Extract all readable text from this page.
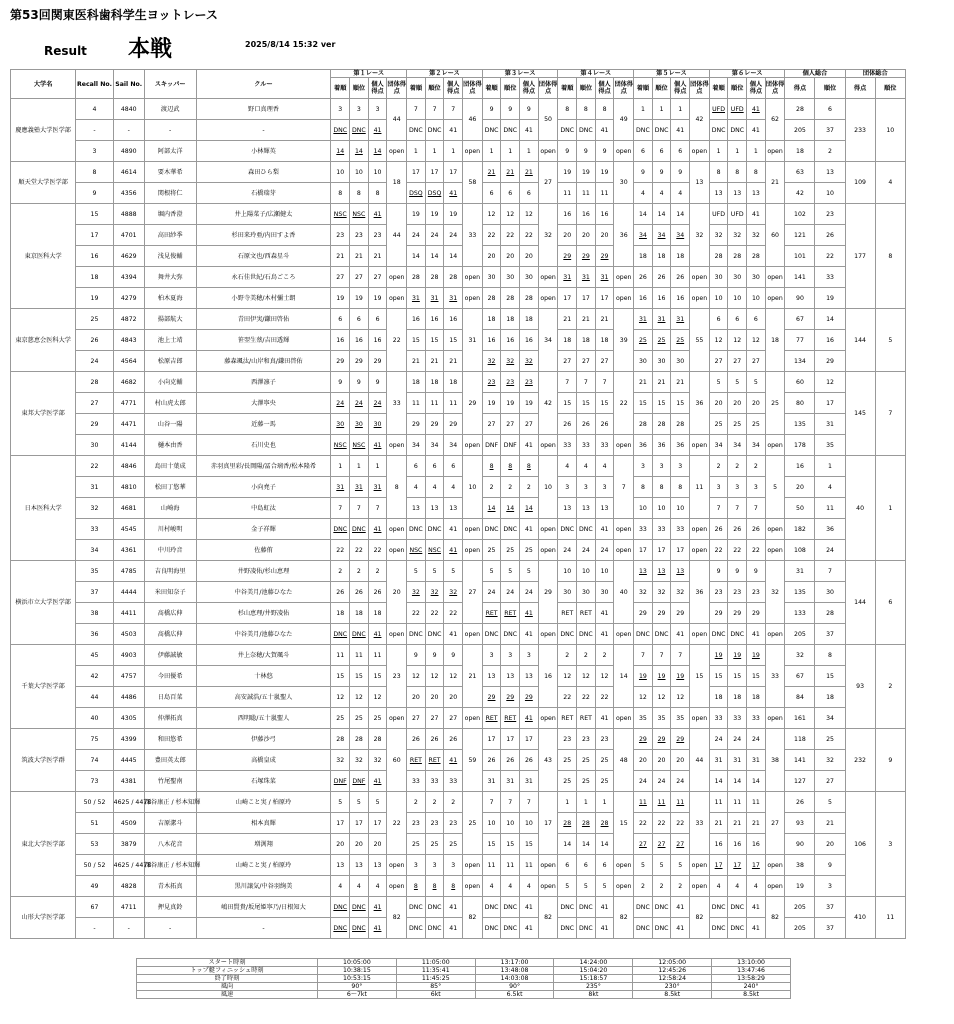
第53回関東医科歯科学生ヨットレース
Result 本戦	2025/8/14 15:32 ver
大学名	Recall No.	Sail No.	スキッパー	クルー	第１レース				第２レース				第３レース				第４レース				第５レース				第６レース				個人総合		団体総合	
					着順	順位	個人得点	団体得点	着順	順位	個人得点	団体得点	着順	順位	個人得点	団体得点	着順	順位	個人得点	団体得点	着順	順位	個人得点	団体得点	着順	順位	個人得点	団体得点	得点	順位	得点	順位
慶應義塾大学医学部	4	4840	渡辺武	野口真理香	3	3	3	44	7	7	7	46	9	9	9	50	8	8	8	49	1	1	1	42	UFD	UFD	41	62	28	6	233	10
	-	-	-	-	DNC	DNC	41		DNC	DNC	41		DNC	DNC	41		DNC	DNC	41		DNC	DNC	41		DNC	DNC	41		205	37		
	3	4890	阿部太洋	小林輝英	14	14	14	open	1	1	1	open	1	1	1	open	9	9	9	open	6	6	6	open	1	1	1	open	18	2		
順天堂大学医学部	8	4614	要木華希	森田ひら梨	10	10	10	18	17	17	17	58	21	21	21	27	19	19	19	30	9	9	9	13	8	8	8	21	63	13	109	4
	9	4356	関根将仁	石橋瑞芽	8	8	8		DSQ	DSQ	41		6	6	6		11	11	11		4	4	4		13	13	13		42	10		
東京医科大学	15	4888	堀内香澄	井上陽菜子/広瀬健太	NSC	NSC	41	44	19	19	19	33	12	12	12	32	16	16	16	36	14	14	14	32	UFD	UFD	41	60	102	23	177	8
	17	4701	高田紗季	杉田来玲亜/内田すよ香	23	23	23		24	24	24		22	22	22		20	20	20		34	34	34		32	32	32		121	26		
	16	4629	浅見俊輔	石原文也/西森星斗	21	21	21		14	14	14		20	20	20		29	29	29		18	18	18		28	28	28		101	22		
	18	4394	舞井大弥	永石佳世紀/石鳥ごころ	27	27	27	open	28	28	28	open	30	30	30	open	31	31	31	open	26	26	26	open	30	30	30	open	141	33		
	19	4279	柏木夏海	小野寺美穂/木村彌士朗	19	19	19	open	31	31	31	open	28	28	28	open	17	17	17	open	16	16	16	open	10	10	10	open	90	19		
東京慈恵会医科大学	25	4872	揚部航大	青田伊実/鎌田啓佑	6	6	6	22	16	16	16	31	18	18	18	34	21	21	21	39	31	31	31	55	6	6	6	18	67	14	144	5
	26	4843	池上士靖	笹翌生蔡/吉田透輝	16	16	16		15	15	15		16	16	16		18	18	18		25	25	25		12	12	12		77	16		
	24	4564	松原吉郎	藤森颯汰/山岸和真/鎌田啓佑	29	29	29		21	21	21		32	32	32		27	27	27		30	30	30		27	27	27		134	29		
東邦大学医学部	28	4682	小向克輔	西澤凛子	9	9	9	33	18	18	18	29	23	23	23	42	7	7	7	22	21	21	21	36	5	5	5	25	60	12	145	7
	27	4771	村山虎太郎	大澤寧央	24	24	24		11	11	11		19	19	19		15	15	15		15	15	15		20	20	20		80	17		
	29	4471	山谷一陽	近藤一馬	30	30	30		29	29	29		27	27	27		26	26	26		28	28	28		25	25	25		135	31		
	30	4144	樋本由香	石川史也	NSC	NSC	41	open	34	34	34	open	DNF	DNF	41	open	33	33	33	open	36	36	36	open	34	34	34	open	178	35		
日本医科大学	22	4846	島田十葉成	赤羽真里彩/長岡陽/冨合璃香/松本隆希	1	1	1	8	6	6	6	10	8	8	8	10	4	4	4	7	3	3	3	11	2	2	2	5	16	1	40	1
	31	4810	松田丁悠華	小向堯子	31	31	31		4	4	4		2	2	2		3	3	3		8	8	8		3	3	3		20	4		
	32	4681	山崎海	中島虹汰	7	7	7		13	13	13		14	14	14		13	13	13		10	10	10		7	7	7		50	11		
	33	4545	川村峻明	金子祥輝	DNC	DNC	41	open	DNC	DNC	41	open	DNC	DNC	41	open	DNC	DNC	41	open	33	33	33	open	26	26	26	open	182	36		
	34	4361	中川玲音	佐藤侑	22	22	22	open	NSC	NSC	41	open	25	25	25	open	24	24	24	open	17	17	17	open	22	22	22	open	108	24		
横浜市立大学医学部	35	4785	吉良明海里	井野凌佑/杉山恵理	2	2	2	20	5	5	5	27	5	5	5	29	10	10	10	40	13	13	13	36	9	9	9	32	31	7	144	6
	37	4444	米田知奈子	中谷美月/池藤ひなた	26	26	26		32	32	32		24	24	24		30	30	30		32	32	32		23	23	23		135	30		
	38	4411	髙橋広伸	杉山恵理/井野凌佑	18	18	18		22	22	22		RET	RET	41		RET	RET	41		29	29	29		29	29	29		133	28		
	36	4503	髙橋広伸	中谷美月/池藤ひなた	DNC	DNC	41	open	DNC	DNC	41	open	DNC	DNC	41	open	DNC	DNC	41	open	DNC	DNC	41	open	DNC	DNC	41	open	205	37		
千葉大学医学部	45	4903	伊藤誠敏	井上奈穂/大賀颯斗	11	11	11	23	9	9	9	21	3	3	3	16	2	2	2	14	7	7	7	15	19	19	19	33	32	8	93	2
	42	4757	今田優希	十林悠	15	15	15		12	12	12		13	13	13		12	12	12		19	19	19		15	15	15		67	15		
	44	4486	日島百菜	高安誠浩/五十嵐聖人	12	12	12		20	20	20		29	29	29		22	22	22		12	12	12		18	18	18		84	18		
	40	4305	仲澤拓真	西明聡/五十嵐聖人	25	25	25	open	27	27	27	open	RET	RET	41	open	RET	RET	41	open	35	35	35	open	33	33	33	open	161	34		
筑波大学医学群	75	4399	和田悠希	伊藤沙弓	28	28	28	60	26	26	26	59	17	17	17	43	23	23	23	48	29	29	29	44	24	24	24	38	118	25	232	9
	74	4445	豊田英太郎	高橋皇成	32	32	32		RET	RET	41		26	26	26		25	25	25		20	20	20		31	31	31		141	32		
	73	4381	竹尾聖南	石塚珠菜	DNF	DNF	41		33	33	33		31	31	31		25	25	25		24	24	24		14	14	14		127	27		
東北大学医学部	50 / 52	4625 / 4478	深谷康正 / 杉本知輝	山崎こと実 / 柏原玲	5	5	5	22	2	2	2	25	7	7	7	17	1	1	1	15	11	11	11	33	11	11	11	27	26	5	106	3
	51	4509	吉原潔斗	相本真輝	17	17	17		23	23	23		10	10	10		28	28	28		22	22	22		21	21	21		93	21		
	53	3879	八木花音	増渕翔	20	20	20		25	25	25		15	15	15		14	14	14		27	27	27		16	16	16		90	20		
	50 / 52	4625 / 4478	深谷康正 / 杉本知輝	山崎こと実 / 柏原玲	13	13	13	open	3	3	3	open	11	11	11	open	6	6	6	open	5	5	5	open	17	17	17	open	38	9		
	49	4828	青木拓真	黒川譲気/中谷羽絢美	4	4	4	open	8	8	8	open	4	4	4	open	5	5	5	open	2	2	2	open	4	4	4	open	19	3		
山形大学医学部	67	4711	押見真鈴	嶋田賢貴/坂尾姫寧乃/日根知大	DNC	DNC	41	82	DNC	DNC	41	82	DNC	DNC	41	82	DNC	DNC	41	82	DNC	DNC	41	82	DNC	DNC	41	82	205	37	410	11
	-	-	-	-	DNC	DNC	41		DNC	DNC	41		DNC	DNC	41		DNC	DNC	41		DNC	DNC	41		DNC	DNC	41		205	37		
スタート時刻	10:05:00	11:05:00	13:17:00	14:24:00	12:05:00	13:10:00
トップ艇フィニッシュ時刻	10:38:15	11:35:41	13:48:08	15:04:20	12:45:26	13:47:46
終了時刻	10:53:15	11:45:25	14:03:08	15:18:57	12:58:24	13:58:29
風向	90°	85°	90°	235°	230°	240°
風速	6～7kt	6kt	6.5kt	8kt	8.5kt	8.5kt
